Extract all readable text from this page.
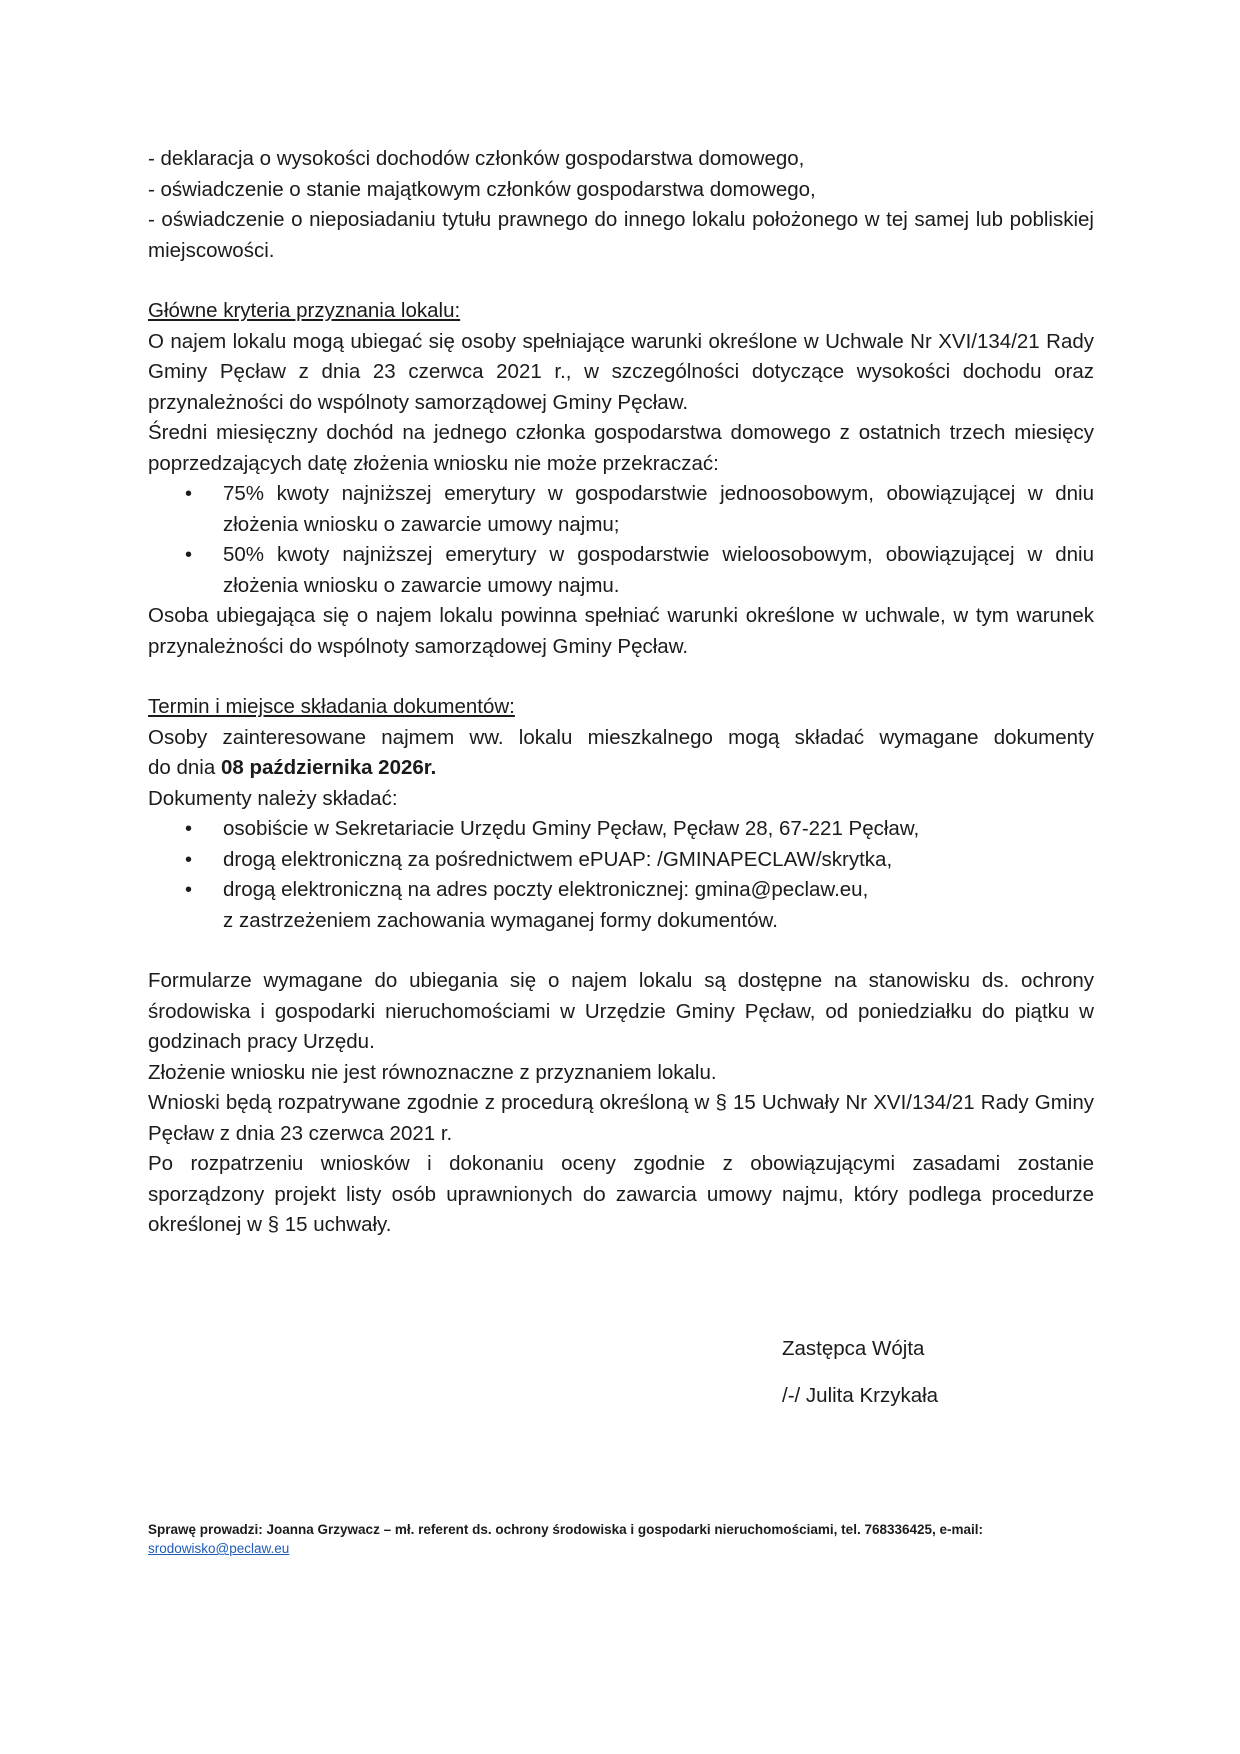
- deklaracja o wysokości dochodów członków gospodarstwa domowego,

- oświadczenie o stanie majątkowym członków gospodarstwa domowego,

- oświadczenie o nieposiadaniu tytułu prawnego do innego lokalu położonego w tej samej lub pobliskiej miejscowości.

Główne kryteria przyznania lokalu:

O najem lokalu mogą ubiegać się osoby spełniające warunki określone w Uchwale Nr XVI/134/21 Rady Gminy Pęcław z dnia 23 czerwca 2021 r., w szczególności dotyczące wysokości dochodu oraz przynależności do wspólnoty samorządowej Gminy Pęcław.

Średni miesięczny dochód na jednego członka gospodarstwa domowego z ostatnich trzech miesięcy poprzedzających datę złożenia wniosku nie może przekraczać:

• 75% kwoty najniższej emerytury w gospodarstwie jednoosobowym, obowiązującej w dniu złożenia wniosku o zawarcie umowy najmu;
• 50% kwoty najniższej emerytury w gospodarstwie wieloosobowym, obowiązującej w dniu złożenia wniosku o zawarcie umowy najmu.

Osoba ubiegająca się o najem lokalu powinna spełniać warunki określone w uchwale, w tym warunek przynależności do wspólnoty samorządowej Gminy Pęcław.

Termin i miejsce składania dokumentów:

Osoby zainteresowane najmem ww. lokalu mieszkalnego mogą składać wymagane dokumenty

do dnia 08 października 2026r.

Dokumenty należy składać:

• osobiście w Sekretariacie Urzędu Gminy Pęcław, Pęcław 28, 67-221 Pęcław,
• drogą elektroniczną za pośrednictwem ePUAP: /GMINAPECLAW/skrytka,
• drogą elektroniczną na adres poczty elektronicznej: gmina@peclaw.eu,
z zastrzeżeniem zachowania wymaganej formy dokumentów.

Formularze wymagane do ubiegania się o najem lokalu są dostępne na stanowisku ds. ochrony środowiska i gospodarki nieruchomościami w Urzędzie Gminy Pęcław, od poniedziałku do piątku w godzinach pracy Urzędu.

Złożenie wniosku nie jest równoznaczne z przyznaniem lokalu.

Wnioski będą rozpatrywane zgodnie z procedurą określoną w § 15 Uchwały Nr XVI/134/21 Rady Gminy Pęcław z dnia 23 czerwca 2021 r.

Po rozpatrzeniu wniosków i dokonaniu oceny zgodnie z obowiązującymi zasadami zostanie sporządzony projekt listy osób uprawnionych do zawarcia umowy najmu, który podlega procedurze określonej w § 15 uchwały.

Zastępca Wójta

/-/ Julita Krzykała

Sprawę prowadzi: Joanna Grzywacz – mł. referent ds. ochrony środowiska i gospodarki nieruchomościami, tel. 768336425, e-mail:

srodowisko@peclaw.eu
